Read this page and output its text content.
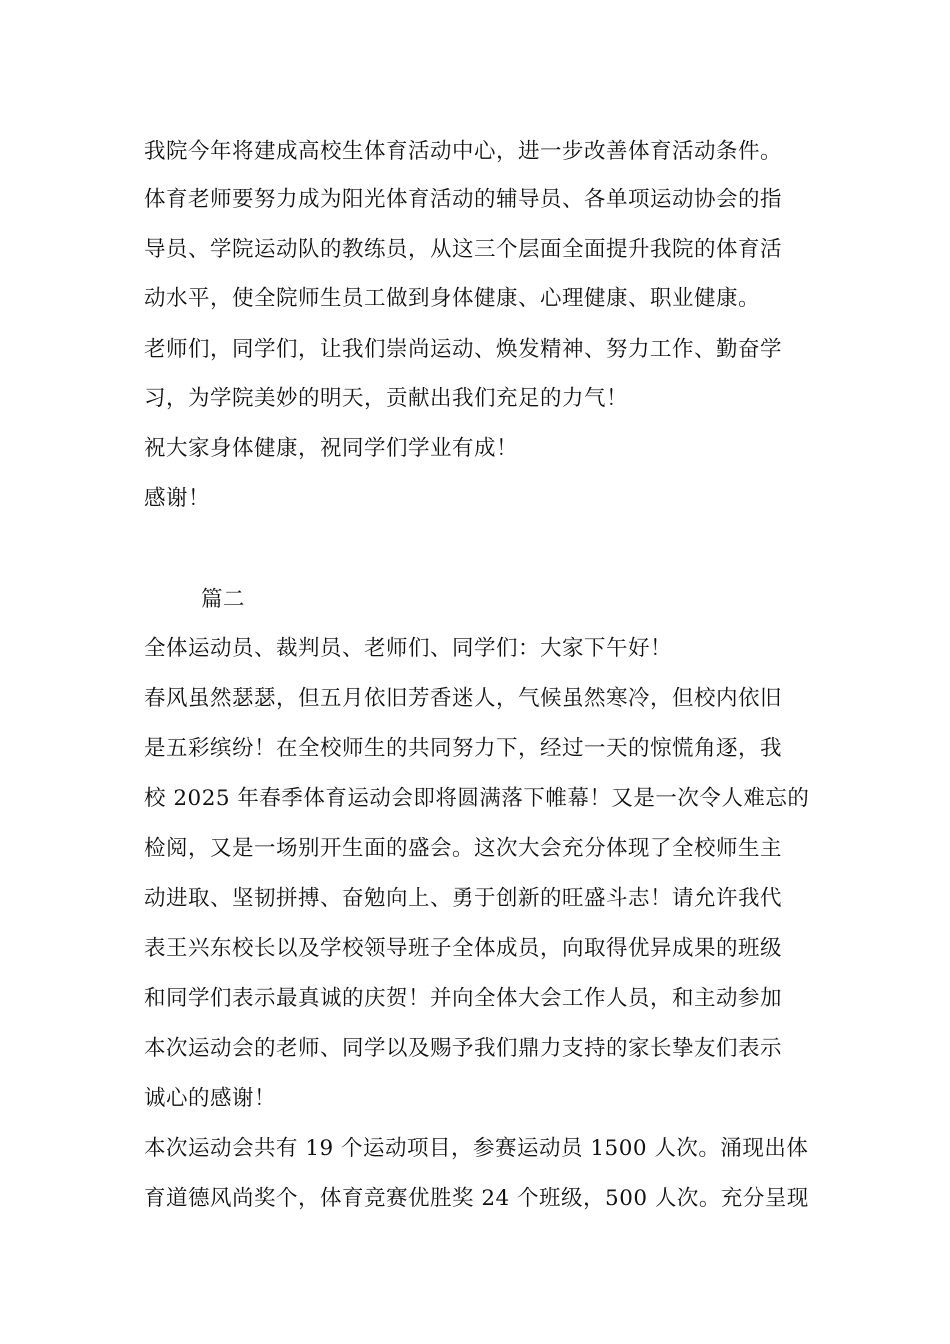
我院今年将建成高校生体育活动中心，进一步改善体育活动条件。
体育老师要努力成为阳光体育活动的辅导员、各单项运动协会的指
导员、学院运动队的教练员，从这三个层面全面提升我院的体育活
动水平，使全院师生员工做到身体健康、心理健康、职业健康。
老师们，同学们，让我们崇尚运动、焕发精神、努力工作、勤奋学
习，为学院美妙的明天，贡献出我们充足的力气！
祝大家身体健康，祝同学们学业有成！
感谢！
篇二
全体运动员、裁判员、老师们、同学们：大家下午好！
春风虽然瑟瑟，但五月依旧芳香迷人，气候虽然寒冷，但校内依旧
是五彩缤纷！在全校师生的共同努力下，经过一天的惊慌角逐，我
校 2025 年春季体育运动会即将圆满落下帷幕！又是一次令人难忘的
检阅，又是一场别开生面的盛会。这次大会充分体现了全校师生主
动进取、坚韧拼搏、奋勉向上、勇于创新的旺盛斗志！请允许我代
表王兴东校长以及学校领导班子全体成员，向取得优异成果的班级
和同学们表示最真诚的庆贺！并向全体大会工作人员，和主动参加
本次运动会的老师、同学以及赐予我们鼎力支持的家长挚友们表示
诚心的感谢！
本次运动会共有 19 个运动项目，参赛运动员 1500 人次。涌现出体
育道德风尚奖个，体育竞赛优胜奖 24 个班级，500 人次。充分呈现
